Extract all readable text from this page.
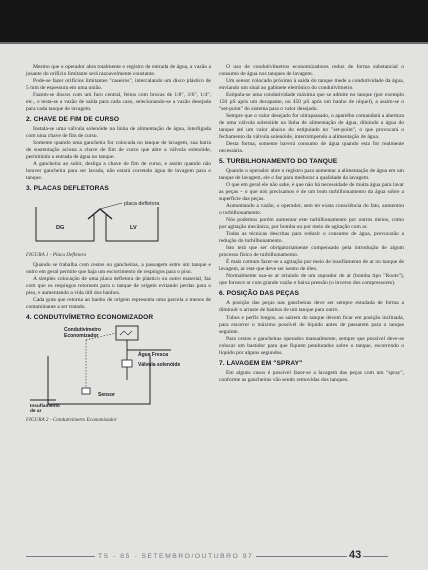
Mesmo que o operador abra totalmente o registro de entrada de água, a vazão a jusante do orifício limitante será razoavelmente constante.

Pode-se fazer orifícios limitantes "caseiros", intercalando um disco plástico de 5 mm de espessura em uma união.

Fazem-se discos com um furo central, feitos com brocas de 1/8", 3/6", 1/4", etc., e testa-se a vazão de saída para cada caso, selecionando-se a vazão desejada para cada tanque de lavagem.

2. CHAVE DE FIM DE CURSO

Instala-se uma válvula solenóide na linha de alimentação de água, interligada com uma chave de fim de curso.

Somente quando uma gancheira for colocada no tanque de lavagem, sua barra de sustentação aciona a chave de fim de curso que abre a válvula solenóide, permitindo a entrada de água no tanque.

A gancheira ao subir, desliga a chave de fim de curso, e assim quando não houver gancheira para ser lavada, não estará correndo água de lavagem para o tanque.

3. PLACAS DEFLETORAS
placa defletora
DG	LV
FIGURA 1 - Placa Defletora

Quando se trabalha com cestos ou gancheiras, a passagem entre um tanque e outro em geral permite que haja um escorrimento de respingos para o piso.

A simples colocação de uma placa defletora de plástico ou outro material, faz com que os respingos retornem para o tanque de origem evitando perdas para o piso, e aumentando a vida útil dos banhos.

Cada gota que retorna ao banho de origem representa uma parcela a menos de contaminante a ser tratado.

4. CONDUTIVÍMETRO ECONOMIZADOR
Condutivímetro
Economizador
Água Fresca
Válvula solenóide
Sensor
Insuflamento
de ar
FIGURA 2 - Condutivímetro Economizador

O uso de condutivímetros economizadores reduz de forma substancial o consumo de água nos tanques de lavagem.

Um sensor colocado próximo à saída do tanque mede a condutividade da água, enviando um sinal ao gabinete eletrônico do condutivímetro.

Estipula-se uma condutividade máxima que se admite no tanque (por exemplo 150 µS após um decapante, ou 450 µS após um banho de níquel), a assim-se o "set-point" do sistema para o valor desejado.

Sempre que o valor desejado for ultrapassado, o aparelho comandará a abertura de uma válvula solenóide na linha de alimentação de água, diluindo a água do tanque até um valor abaixo do estipulado no "set-point", o que provocará o fechamento da válvula solenóide, interrompendo a alimentação de água.

Desta forma, somente haverá consumo de água quando esta for realmente necessária.

5. TURBILHONAMENTO DO TANQUE

Quando o operador abre o registro para aumentar a alimentação de água em um tanque de lavagem, ele o faz para melhorar a qualidade da lavagem.

O que em geral ele não sabe, é que não há necessidade de muita água para lavar as peças – o que nós precisamos é de um bom turbilhonamento da água sobre a superfície das peças.

Aumentando a vazão, o operador, sem ter exata consciência do fato, aumentou o turbilhonamento.

Nós podemos porém aumentar este turbilhonamento por outros meios, como por agitação mecânica, por bomba ou por meio de agitação com ar.

Todas as técnicas descritas para reduzir o consumo de água, provocarão a redução do turbilhonamento.

Isto terá que ser obrigatoriamente compensado pela introdução de algum processo físico de turbilhonamento.

É mais comum fazer-se a agitação por meio de insuflamento de ar no tanque de lavagem, ar este que deve ser isento de óleo.

Normalmente usa-se ar oriundo de um soprador de ar (bomba tipo "Roots"), que fornece ar com grande vazão e baixa pressão (o inverso dos compressores).

6. POSIÇÃO DAS PEÇAS

A posição das peças nas gancheiras deve ser sempre estudada de forma a diminuir o arraste de banhos de um tanque para outro.

Tubos e perfis longos, ao saírem do tanque devem ficar em posição inclinada, para escorrer o máximo possível de líquido antes de passarem para o tanque seguinte.

Para cestos e gancheiras operados manualmente, sempre que possível deve-se colocar um bastidor para que fiquem pendurados sobre o tanque, escorrendo o líquido por alguns segundos.

7. LAVAGEM EM "SPRAY"

Em alguns casos é possível fazer-se a lavagem das peças com um "spray", conforme as gancheiras vão sendo removidas dos tanques.

TS - 85 · SETEMBRO/OUTUBRO 97	43
